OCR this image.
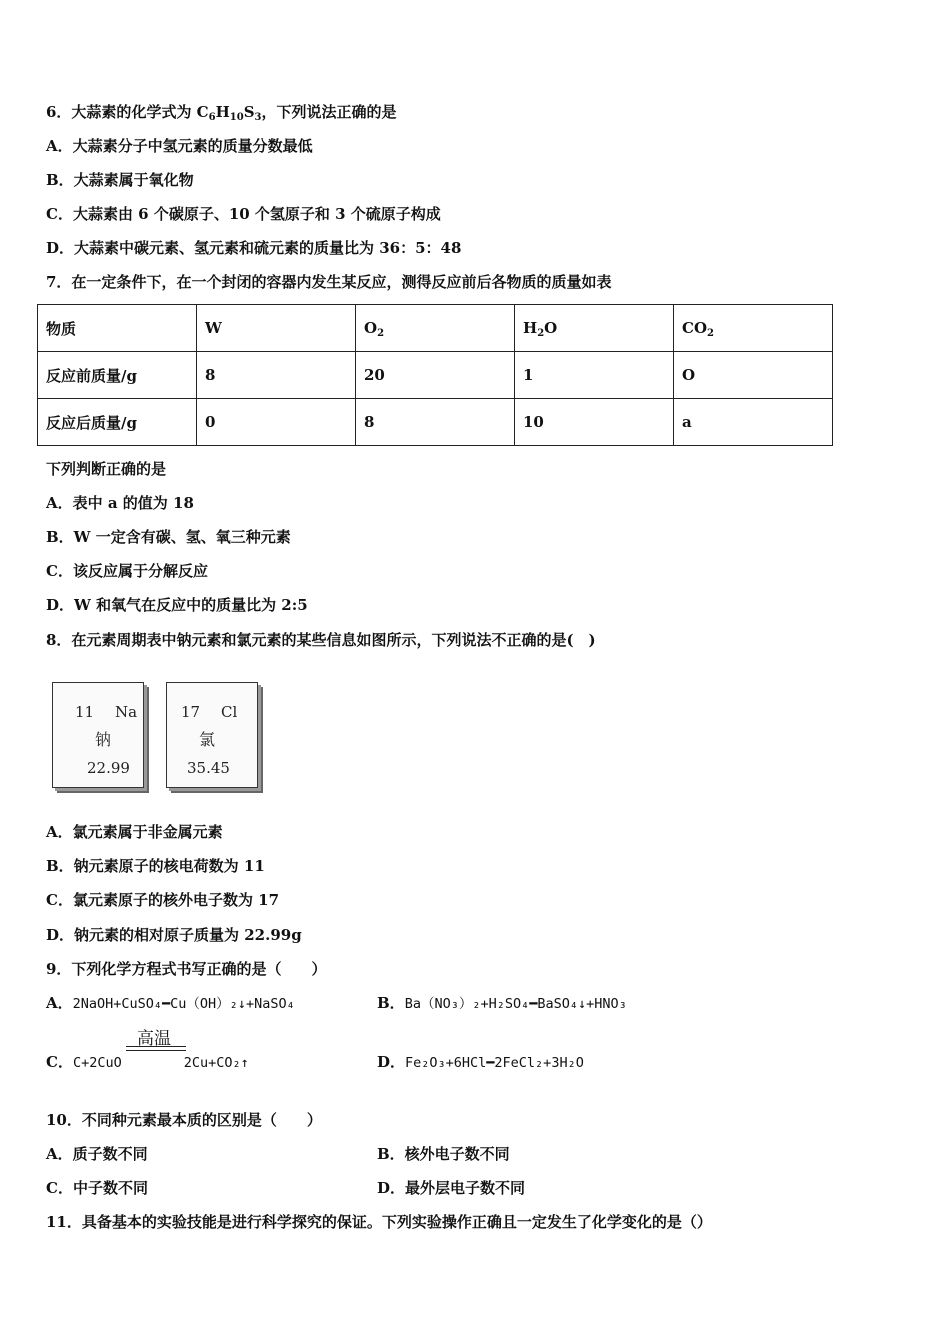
6．大蒜素的化学式为 $C_6H_{10}S_3$，下列说法正确的是
A．大蒜素分子中氢元素的质量分数最低
B．大蒜素属于氧化物
C．大蒜素由 6 个碳原子、10 个氢原子和 3 个硫原子构成
D．大蒜素中碳元素、氢元素和硫元素的质量比为 36：5：48
7．在一定条件下，在一个封闭的容器内发生某反应，测得反应前后各物质的质量如表
物质	W	$O_2$	$H_2O$	$CO_2$
反应前质量/g	8	20	1	O
反应后质量/g	0	8	10	a
下列判断正确的是
A．表中 a 的值为 18
B．W 一定含有碳、氢、氧三种元素
C．该反应属于分解反应
D．W 和氧气在反应中的质量比为 2:5
8．在元素周期表中钠元素和氯元素的某些信息如图所示，下列说法不正确的是(　)
11 Na
钠
22.99
17 Cl
氯
35.45
A．氯元素属于非金属元素
B．钠元素原子的核电荷数为 11
C．氯元素原子的核外电子数为 17
D．钠元素的相对原子质量为 22.99g
9．下列化学方程式书写正确的是（　　）
A．2NaOH+CuSO₄━Cu（OH）₂↓+NaSO₄	B．Ba（NO₃）₂+H₂SO₄━BaSO₄↓+HNO₃
高温
C．C+2CuO	2Cu+CO₂↑	D．Fe₂O₃+6HCl━2FeCl₂+3H₂O
10．不同种元素最本质的区别是（　　）
A．质子数不同	B．核外电子数不同
C．中子数不同	D．最外层电子数不同
11．具备基本的实验技能是进行科学探究的保证。下列实验操作正确且一定发生了化学变化的是（）
